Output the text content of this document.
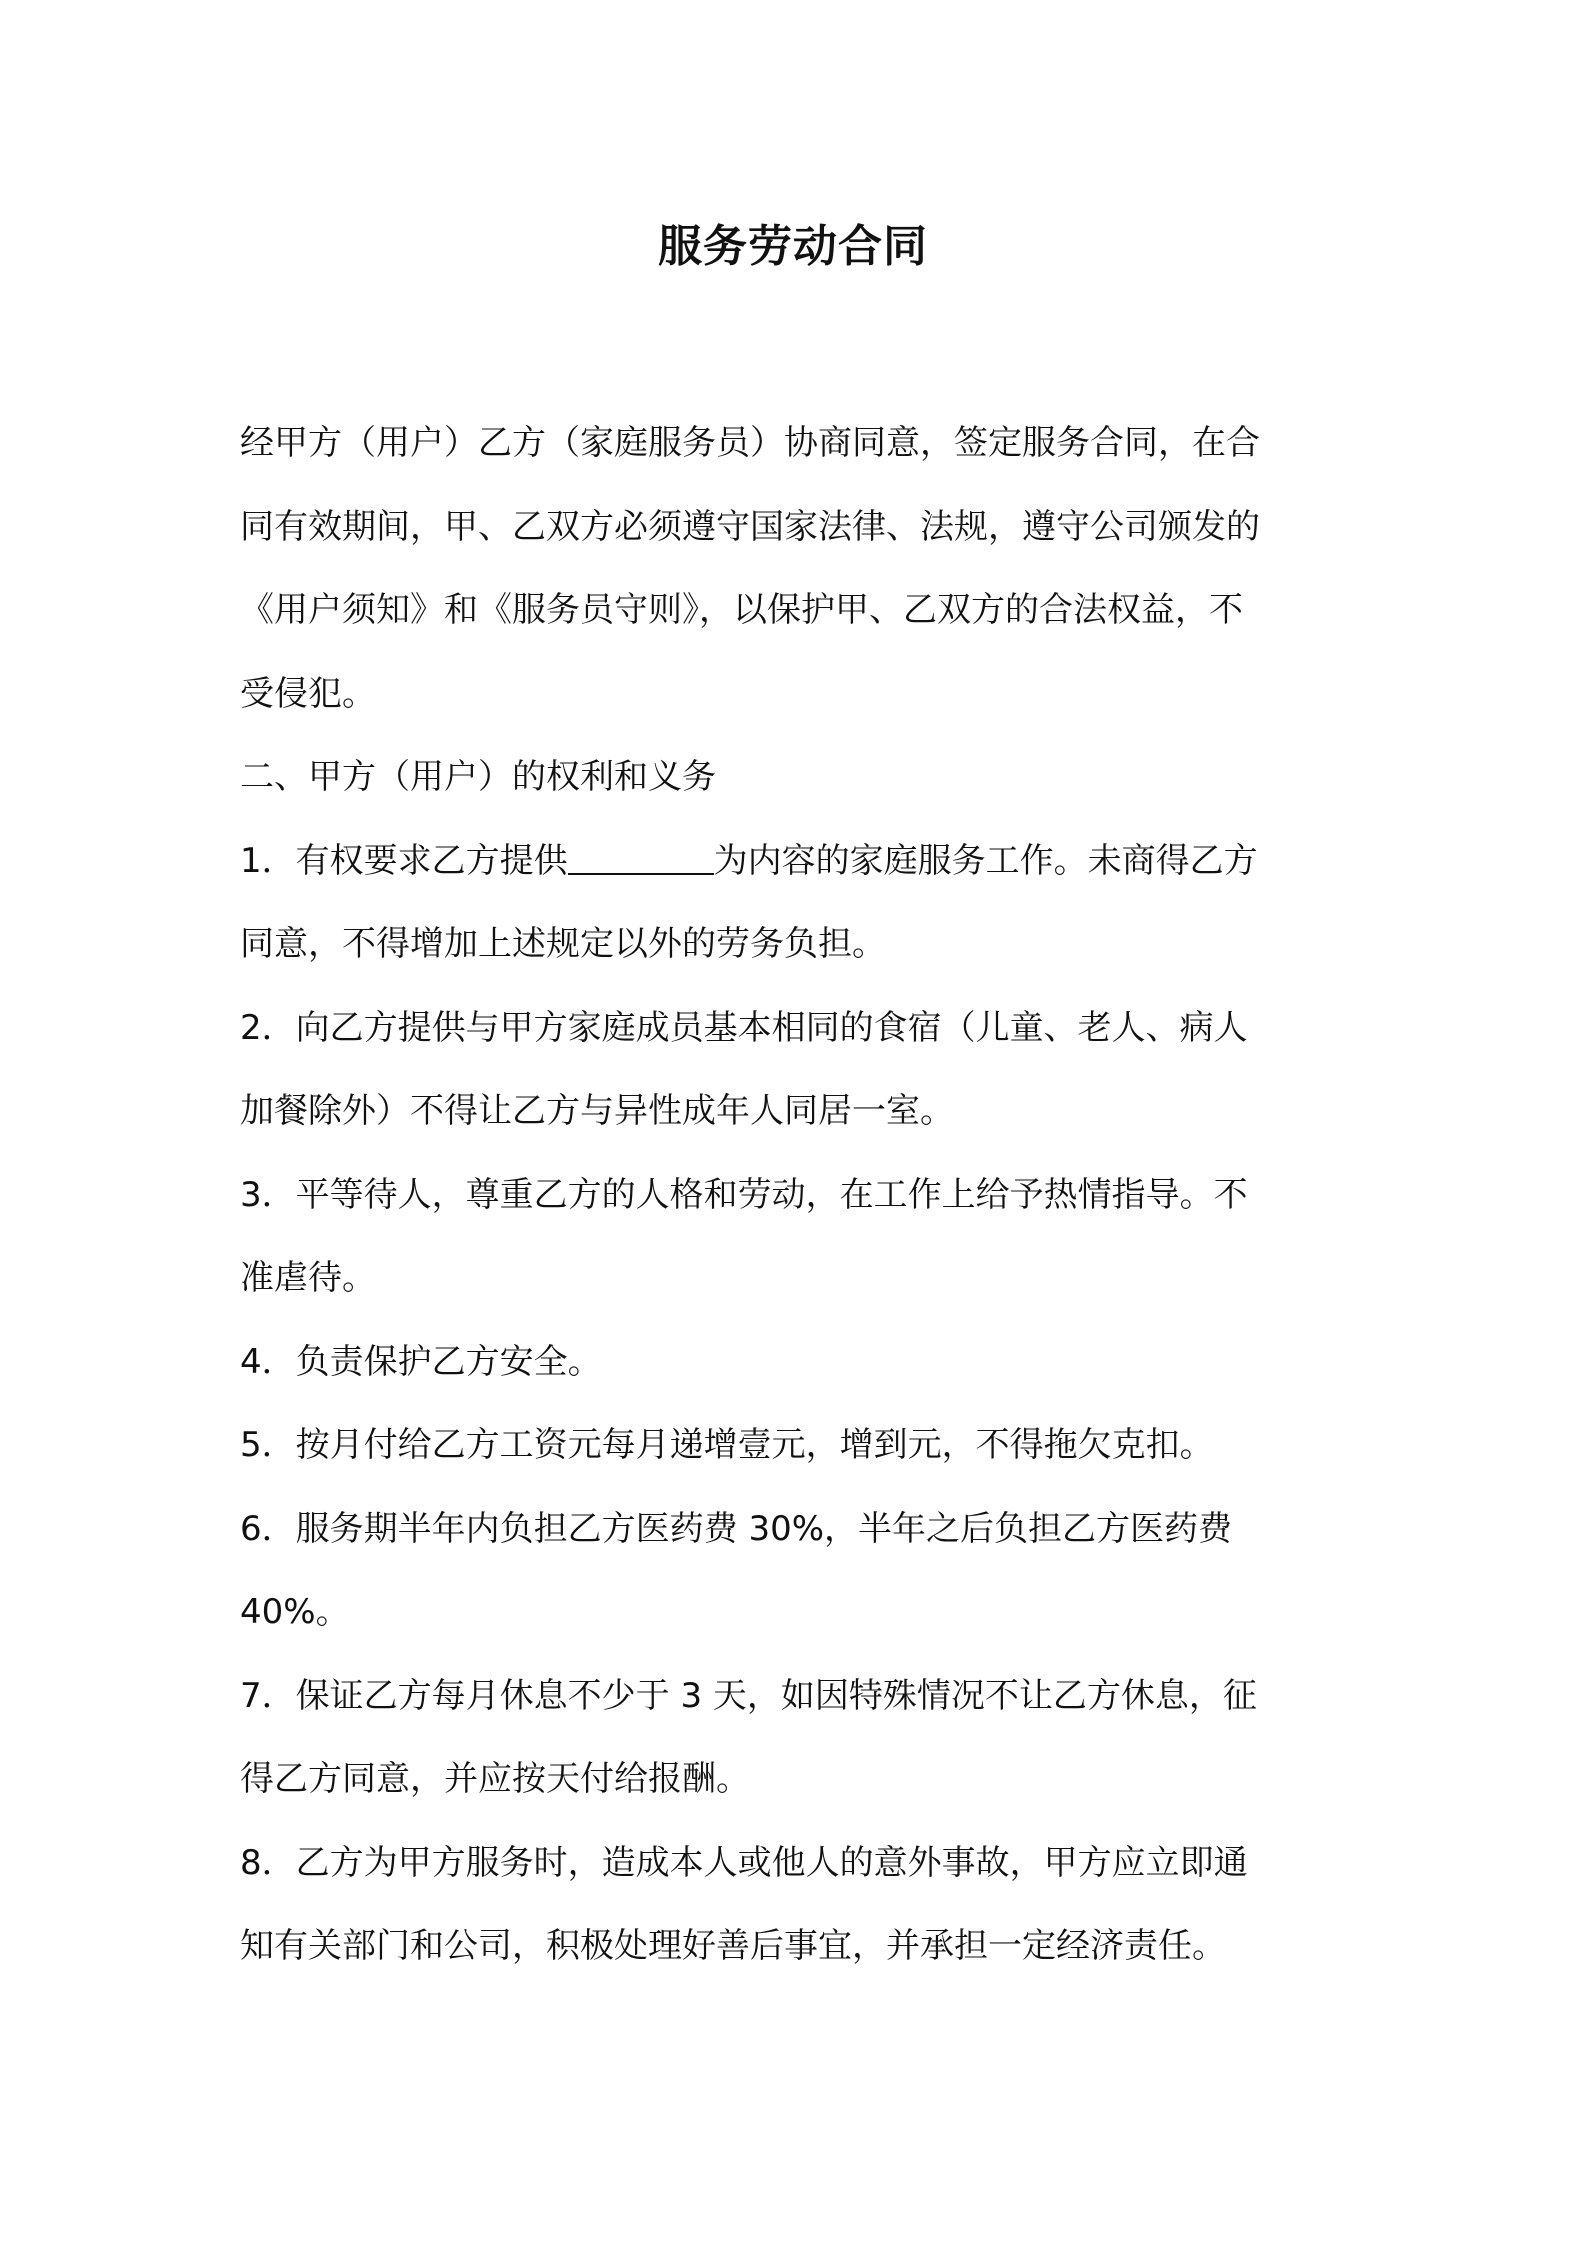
服务劳动合同
经甲方（用户）乙方（家庭服务员）协商同意，签定服务合同，在合
同有效期间，甲、乙双方必须遵守国家法律、法规，遵守公司颁发的
《用户须知》和《服务员守则》，以保护甲、乙双方的合法权益，不
受侵犯。
二、甲方（用户）的权利和义务
1．有权要求乙方提供	为内容的家庭服务工作。未商得乙方
同意，不得增加上述规定以外的劳务负担。
2．向乙方提供与甲方家庭成员基本相同的食宿（儿童、老人、病人
加餐除外）不得让乙方与异性成年人同居一室。
3．平等待人，尊重乙方的人格和劳动，在工作上给予热情指导。不
准虐待。
4．负责保护乙方安全。
5．按月付给乙方工资元每月递增壹元，增到元，不得拖欠克扣。
6．服务期半年内负担乙方医药费 30%，半年之后负担乙方医药费
40%。
7．保证乙方每月休息不少于 3 天，如因特殊情况不让乙方休息，征
得乙方同意，并应按天付给报酬。
8．乙方为甲方服务时，造成本人或他人的意外事故，甲方应立即通
知有关部门和公司，积极处理好善后事宜，并承担一定经济责任。
